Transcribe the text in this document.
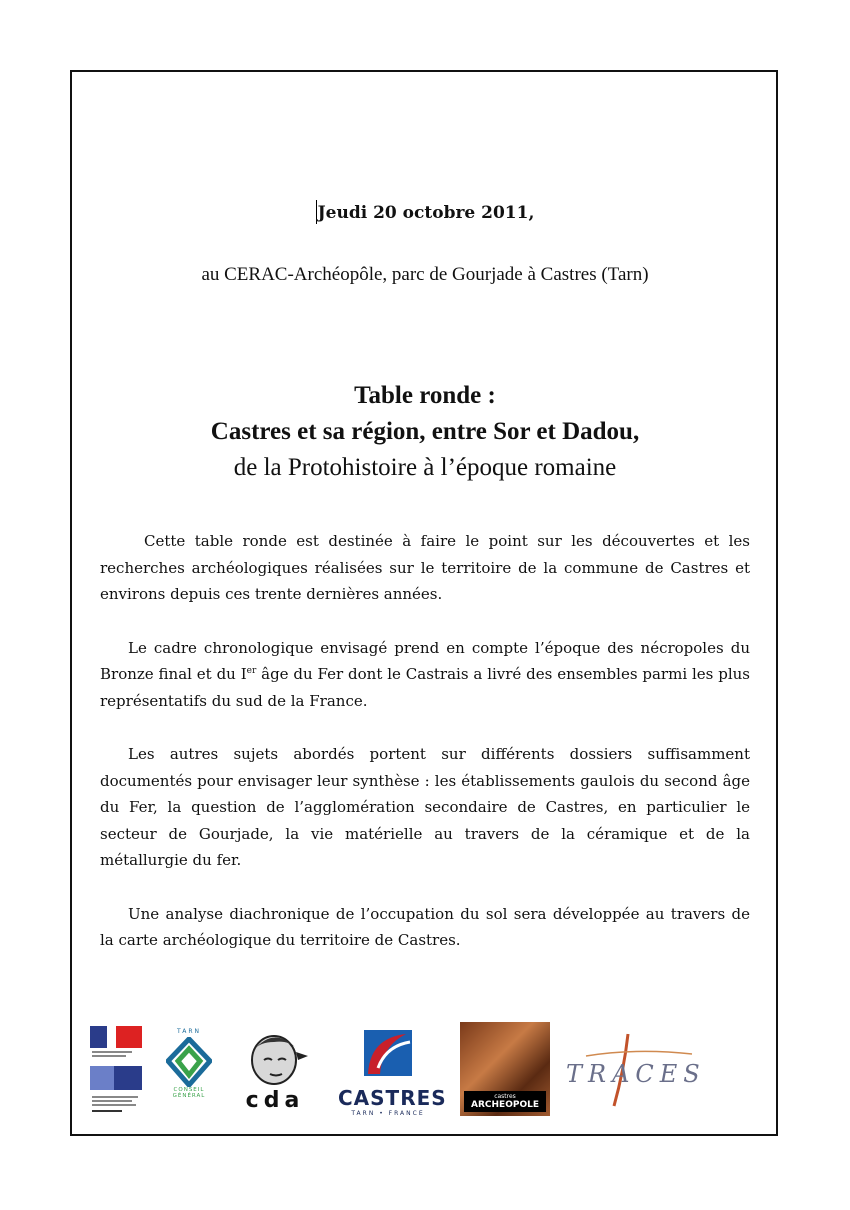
Jeudi 20 octobre 2011,
au CERAC-Archéopôle, parc de Gourjade à Castres (Tarn)
Table ronde :
Castres et sa région, entre Sor et Dadou,
de la Protohistoire à l’époque romaine

Cette table ronde est destinée à faire le point sur les découvertes et les recherches archéologiques réalisées sur le territoire de la commune de Castres et environs depuis ces trente dernières années.

Le cadre chronologique envisagé prend en compte l’époque des nécropoles du Bronze final et du Ier âge du Fer dont le Castrais a livré des ensembles parmi les plus représentatifs du sud de la France.

Les autres sujets abordés portent sur différents dossiers suffisamment documentés pour envisager leur synthèse : les établissements gaulois du second âge du Fer, la question de l’agglomération secondaire de Castres, en particulier le secteur de Gourjade, la vie matérielle au travers de la céramique et de la métallurgie du fer.

Une analyse diachronique de l’occupation du sol sera développée au travers de la carte archéologique du territoire de Castres.

TARN
CONSEIL GÉNÉRAL	cda	CASTRES
TARN • FRANCE
castres
ARCHEOPOLE
TRACES
